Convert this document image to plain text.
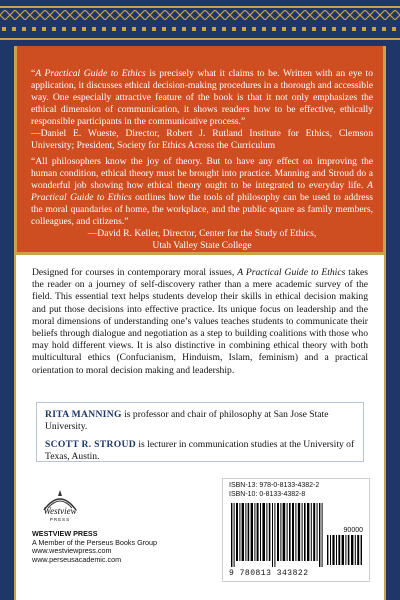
“A Practical Guide to Ethics is precisely what it claims to be. Written with an eye to application, it discusses ethical decision-making procedures in a thorough and accessible way. One especially attractive feature of the book is that it not only emphasizes the ethical dimension of communication, it shows readers how to be effective, ethically responsible participants in the communicative process.”
—Daniel E. Wueste, Director, Robert J. Rutland Institute for Ethics, Clemson University; President, Society for Ethics Across the Curriculum

“All philosophers know the joy of theory. But to have any effect on improving the human condition, ethical theory must be brought into practice. Manning and Stroud do a wonderful job showing how ethical theory ought to be integrated to everyday life. A Practical Guide to Ethics outlines how the tools of philosophy can be used to address the moral quandaries of home, the workplace, and the public square as family members, colleagues, and citizens.”
—David R. Keller, Director, Center for the Study of Ethics,
Utah Valley State College

Designed for courses in contemporary moral issues, A Practical Guide to Ethics takes the reader on a journey of self-discovery rather than a mere academic survey of the field. This essential text helps students develop their skills in ethical decision making and put those decisions into effective practice. Its unique focus on leadership and the moral dimensions of understanding one’s values teaches students to communicate their beliefs through dialogue and negotiation as a step to building coalitions with those who may hold different views. It is also distinctive in combining ethical theory with both multicultural ethics (Confucianism, Hinduism, Islam, feminism) and a practical orientation to moral decision making and leadership.

RITA MANNING is professor and chair of philosophy at San Jose State University.

SCOTT R. STROUD is lecturer in communication studies at the University of Texas, Austin.

Westview
PRESS
WESTVIEW PRESS
A Member of the Perseus Books Group
www.westviewpress.com
www.perseusacademic.com
ISBN-13: 978-0-8133-4382-2
ISBN-10: 0-8133-4382-8
90000
9 780813 343822
